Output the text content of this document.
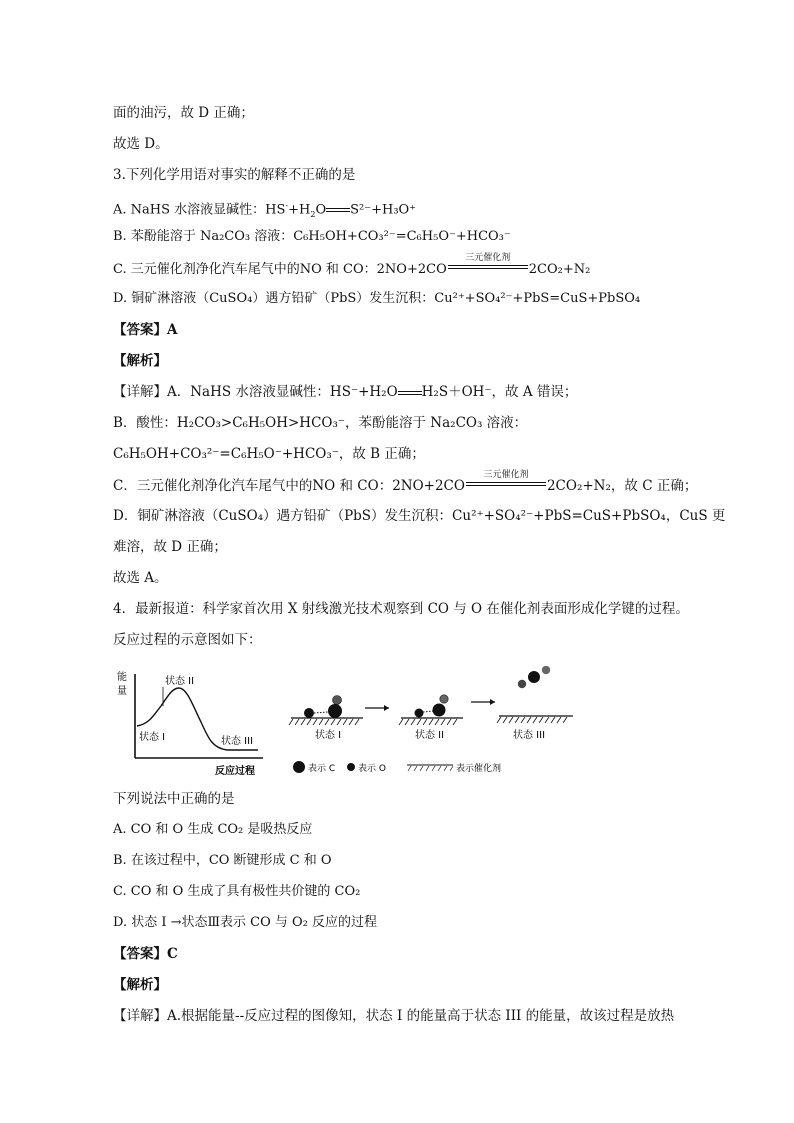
面的油污，故 D 正确；
故选 D。
3.下列化学用语对事实的解释不正确的是
A. NaHS 水溶液显碱性：$HS^-+H_2O$ S²⁻+H₃O⁺
B. 苯酚能溶于 Na₂CO₃ 溶液：C₆H₅OH+CO₃²⁻=C₆H₅O⁻+HCO₃⁻
C. 三元催化剂净化汽车尾气中的NO 和 CO：2NO+2CO
三元催化剂
2CO₂+N₂
D. 铜矿淋溶液（CuSO₄）遇方铅矿（PbS）发生沉积：Cu²⁺+SO₄²⁻+PbS=CuS+PbSO₄
【答案】A
【解析】
【详解】A．NaHS 水溶液显碱性：HS⁻+H₂O H₂S＋OH⁻，故 A 错误；
B．酸性：H₂CO₃>C₆H₅OH>HCO₃⁻，苯酚能溶于 Na₂CO₃ 溶液：
C₆H₅OH+CO₃²⁻=C₆H₅O⁻+HCO₃⁻，故 B 正确；
C．三元催化剂净化汽车尾气中的NO 和 CO：2NO+2CO
三元催化剂
2CO₂+N₂，故 C 正确；
D．铜矿淋溶液（CuSO₄）遇方铅矿（PbS）发生沉积：Cu²⁺+SO₄²⁻+PbS=CuS+PbSO₄，CuS 更
难溶，故 D 正确；
故选 A。
4．最新报道：科学家首次用 X 射线激光技术观察到 CO 与 O 在催化剂表面形成化学键的过程。
反应过程的示意图如下：
能
量
反应过程
状态 II
状态 I	状态 III
状态 I	状态 II	状态 III
表示 C	表示 O	表示催化剂
下列说法中正确的是
A. CO 和 O 生成 CO₂ 是吸热反应
B. 在该过程中，CO 断键形成 C 和 O
C. CO 和 O 生成了具有极性共价键的 CO₂
D. 状态 I →状态Ⅲ表示 CO 与 O₂ 反应的过程
【答案】C
【解析】
【详解】A.根据能量--反应过程的图像知，状态 I 的能量高于状态 III 的能量，故该过程是放热
